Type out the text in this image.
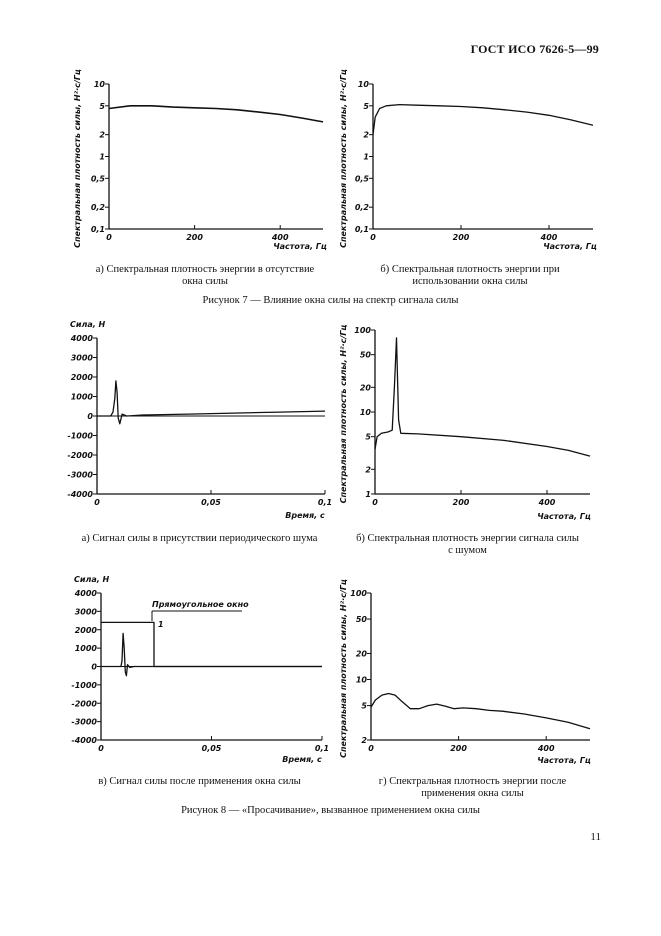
ГОСТ ИСО 7626-5—99
10
5
2
1
0,5
0,2
0,1
0	200	400
Частота, Гц
Спектральная плотность силы, Н²·с/Гц	10
5
2
1
0,5
0,2
0,1
0	200	400
Частота, Гц
Спектральная плотность силы, Н²·с/Гц
4000
3000
2000
1000
0
-1000
-2000
-3000
-4000
0	0,05	0,1
Время, с
Сила, Н
100
50
20
10
5
2
1
0	200	400
Частота, Гц
Спектральная плотность силы, Н²·с/Гц
4000
3000
2000
1000
0
-1000
-2000
-3000
-4000
0	0,05	0,1
Время, с
Сила, Н
100
50
20
10
5
2
0	200	400
Частота, Гц
Спектральная плотность силы, Н²·с/Гц
Прямоугольное окно
1
а) Спектральная плотность энергии в отсутствие
окна силы
б) Спектральная плотность энергии при
использовании окна силы
Рисунок 7 — Влияние окна силы на спектр сигнала силы
а) Сигнал силы в присутствии периодического шума	б) Спектральная плотность энергии сигнала силы
с шумом
в) Сигнал силы после применения окна силы	г) Спектральная плотность энергии после
применения окна силы
Рисунок 8 — «Просачивание», вызванное применением окна силы
11
